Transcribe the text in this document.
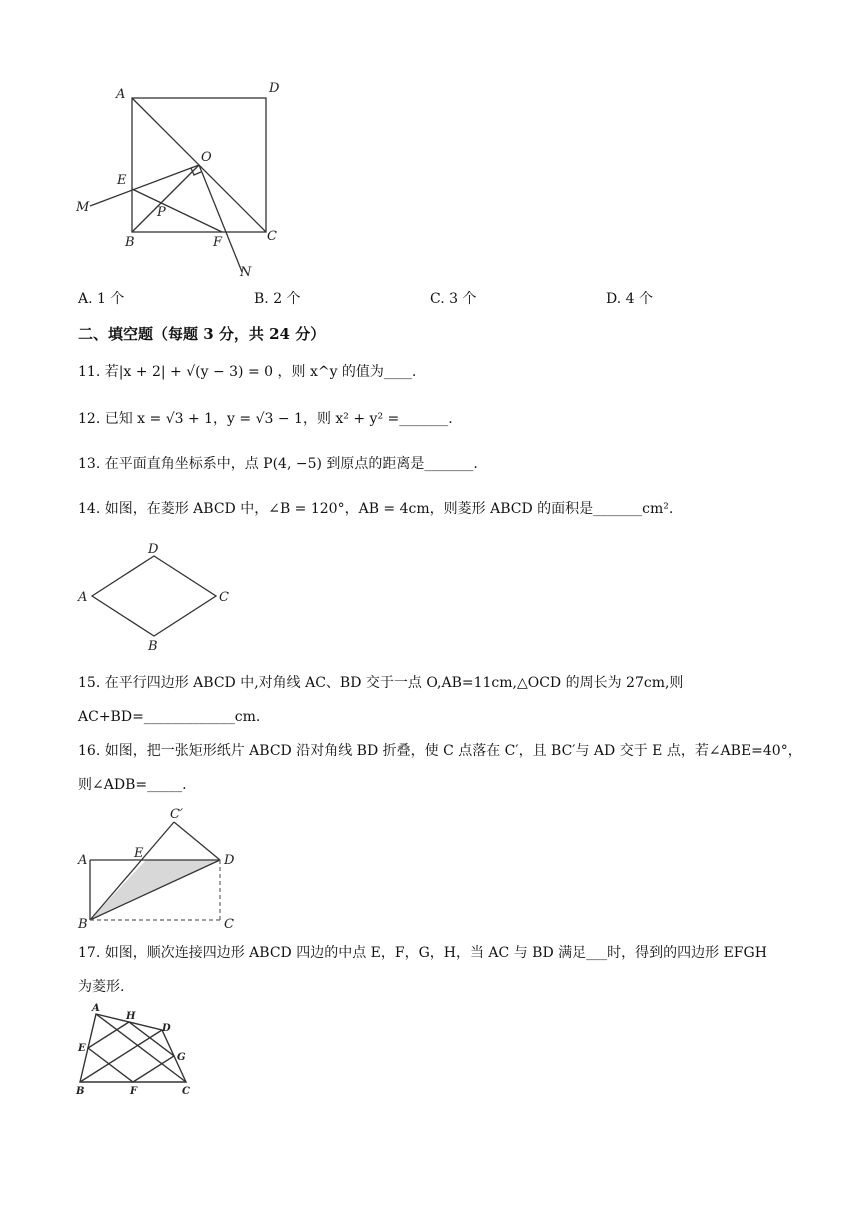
A	D
O
E
M	P
B	F	C
N
A. 1 个	B. 2 个	C. 3 个	D. 4 个
二、填空题（每题 3 分，共 24 分）
11. 若|x + 2| + √(y − 3) = 0 ，则 x^y 的值为____.
12. 已知 x = √3 + 1，y = √3 − 1，则 x² + y² =_______.
13. 在平面直角坐标系中，点 P(4, −5) 到原点的距离是_______.
14. 如图，在菱形 ABCD 中，∠B = 120°，AB = 4cm，则菱形 ABCD 的面积是_______cm².
D
A	C
B
15. 在平行四边形 ABCD 中,对角线 AC、BD 交于一点 O,AB=11cm,△OCD 的周长为 27cm,则
AC+BD=_____________cm.
16. 如图，把一张矩形纸片 ABCD 沿对角线 BD 折叠，使 C 点落在 C′，且 BC′与 AD 交于 E 点，若∠ABE=40°，
则∠ADB=_____.
C′
A	E	D
B	C
17. 如图，顺次连接四边形 ABCD 四边的中点 E，F，G，H，当 AC 与 BD 满足___时，得到的四边形 EFGH
为菱形.
A
H
D
E
G
B	F	C
